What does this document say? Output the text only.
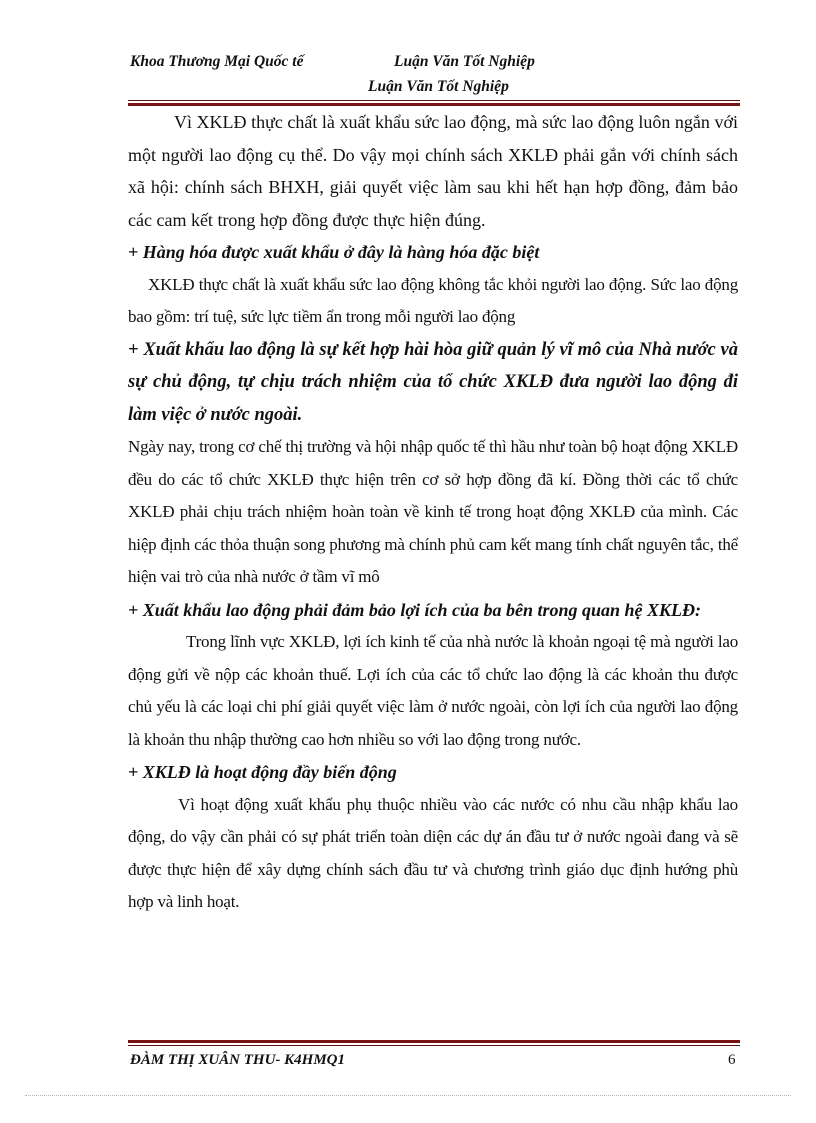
Khoa Thương Mại Quốc tế	Luận Văn Tốt Nghiệp
Luận Văn Tốt Nghiệp

Vì XKLĐ thực chất là xuất khẩu sức lao động, mà sức lao động luôn ngắn với một người lao động cụ thể. Do vậy mọi chính sách XKLĐ phải gắn với chính sách xã hội: chính sách BHXH, giải quyết việc làm sau khi hết hạn hợp đồng, đảm bảo các cam kết trong hợp đồng được thực hiện đúng.

+ Hàng hóa được xuất khẩu ở đây là hàng hóa đặc biệt

XKLĐ thực chất là xuất khẩu sức lao động không tắc khỏi người lao động. Sức lao động bao gồm: trí tuệ, sức lực tiềm ẩn trong mỗi người lao động

+ Xuất khẩu lao động là sự kết hợp hài hòa giữ quản lý vĩ mô của Nhà nước và sự chủ động, tự chịu trách nhiệm của tổ chức XKLĐ đưa người lao động đi làm việc ở nước ngoài.

Ngày nay, trong cơ chế thị trường và hội nhập quốc tế thì hầu như toàn bộ hoạt động XKLĐ đều do các tổ chức XKLĐ thực hiện trên cơ sở hợp đồng đã kí. Đồng thời các tổ chức XKLĐ phải chịu trách nhiệm hoàn toàn về kinh tế trong hoạt động XKLĐ của mình. Các hiệp định các thỏa thuận song phương mà chính phủ cam kết mang tính chất nguyên tắc, thể hiện vai trò của nhà nước ở tầm vĩ mô

+ Xuất khẩu lao động phải đảm bảo lợi ích của ba bên trong quan hệ XKLĐ:

Trong lĩnh vực XKLĐ, lợi ích kinh tế của nhà nước là khoản ngoại tệ mà người lao động gửi về nộp các khoản thuế. Lợi ích của các tổ chức lao động là các khoản thu được chủ yếu là các loại chi phí giải quyết việc làm ở nước ngoài, còn lợi ích của người lao động là khoản thu nhập thường cao hơn nhiều so với lao động trong nước.

+ XKLĐ là hoạt động đầy biến động

Vì hoạt động xuất khẩu phụ thuộc nhiều vào các nước có nhu cầu nhập khẩu lao động, do vậy cần phải có sự phát triển toàn diện các dự án đầu tư ở nước ngoài đang và sẽ được thực hiện để xây dựng chính sách đầu tư và chương trình giáo dục định hướng phù hợp và linh hoạt.

ĐÀM THỊ XUÂN THU- K4HMQ1	6
